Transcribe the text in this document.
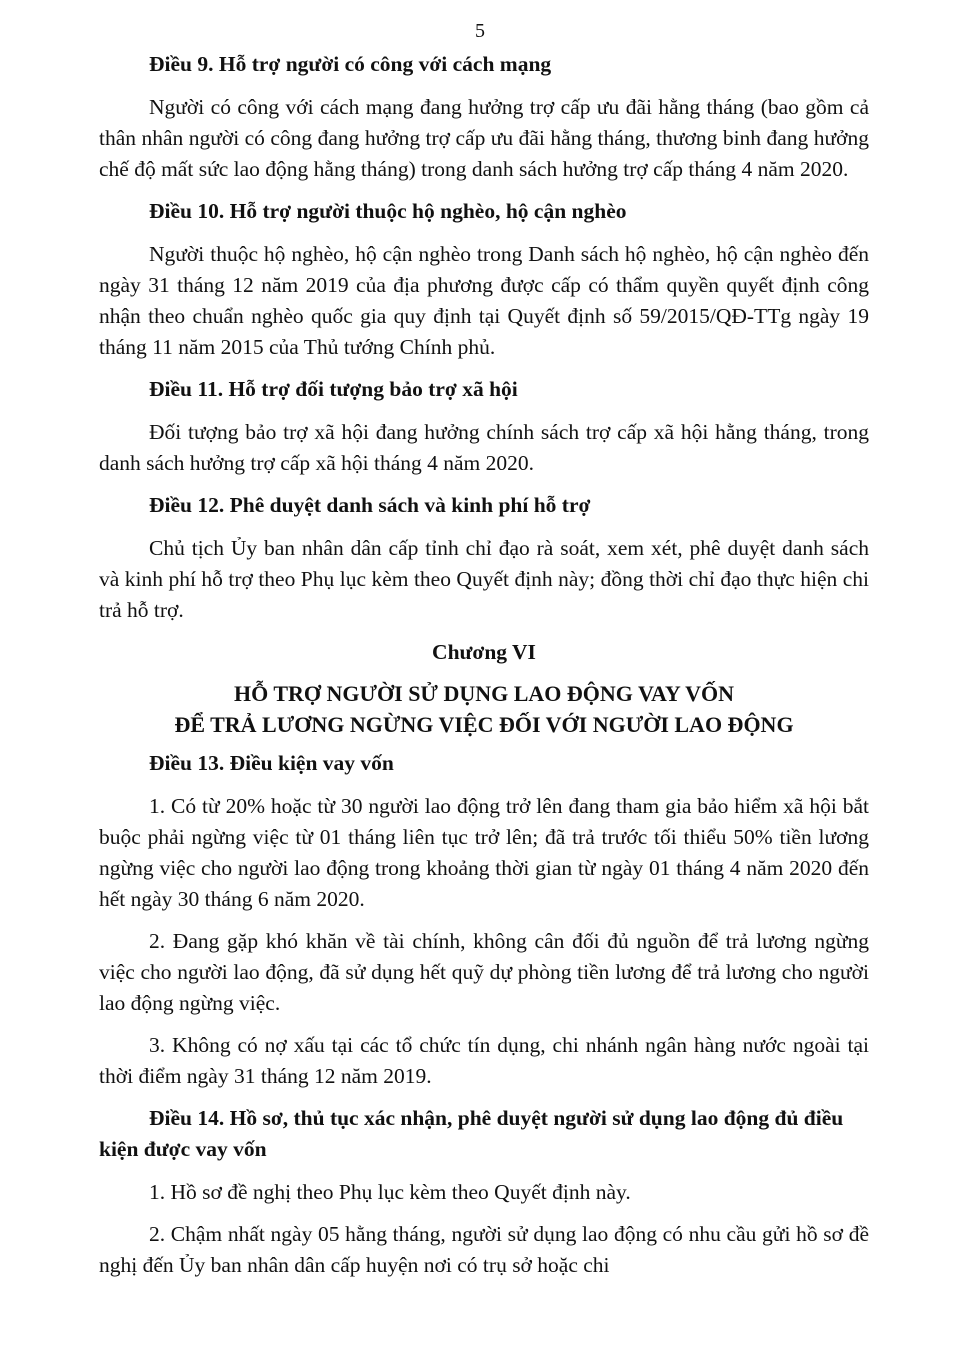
5

Điều 9. Hỗ trợ người có công với cách mạng

Người có công với cách mạng đang hưởng trợ cấp ưu đãi hằng tháng (bao gồm cả thân nhân người có công đang hưởng trợ cấp ưu đãi hằng tháng, thương binh đang hưởng chế độ mất sức lao động hằng tháng) trong danh sách hưởng trợ cấp tháng 4 năm 2020.

Điều 10. Hỗ trợ người thuộc hộ nghèo, hộ cận nghèo

Người thuộc hộ nghèo, hộ cận nghèo trong Danh sách hộ nghèo, hộ cận nghèo đến ngày 31 tháng 12 năm 2019 của địa phương được cấp có thẩm quyền quyết định công nhận theo chuẩn nghèo quốc gia quy định tại Quyết định số 59/2015/QĐ-TTg ngày 19 tháng 11 năm 2015 của Thủ tướng Chính phủ.

Điều 11. Hỗ trợ đối tượng bảo trợ xã hội

Đối tượng bảo trợ xã hội đang hưởng chính sách trợ cấp xã hội hằng tháng, trong danh sách hưởng trợ cấp xã hội tháng 4 năm 2020.

Điều 12. Phê duyệt danh sách và kinh phí hỗ trợ

Chủ tịch Ủy ban nhân dân cấp tỉnh chỉ đạo rà soát, xem xét, phê duyệt danh sách và kinh phí hỗ trợ theo Phụ lục kèm theo Quyết định này; đồng thời chỉ đạo thực hiện chi trả hỗ trợ.

Chương VI

HỖ TRỢ NGƯỜI SỬ DỤNG LAO ĐỘNG VAY VỐN
ĐỂ TRẢ LƯƠNG NGỪNG VIỆC ĐỐI VỚI NGƯỜI LAO ĐỘNG

Điều 13. Điều kiện vay vốn

1. Có từ 20% hoặc từ 30 người lao động trở lên đang tham gia bảo hiểm xã hội bắt buộc phải ngừng việc từ 01 tháng liên tục trở lên; đã trả trước tối thiểu 50% tiền lương ngừng việc cho người lao động trong khoảng thời gian từ ngày 01 tháng 4 năm 2020 đến hết ngày 30 tháng 6 năm 2020.

2. Đang gặp khó khăn về tài chính, không cân đối đủ nguồn để trả lương ngừng việc cho người lao động, đã sử dụng hết quỹ dự phòng tiền lương để trả lương cho người lao động ngừng việc.

3. Không có nợ xấu tại các tổ chức tín dụng, chi nhánh ngân hàng nước ngoài tại thời điểm ngày 31 tháng 12 năm 2019.

Điều 14. Hồ sơ, thủ tục xác nhận, phê duyệt người sử dụng lao động đủ điều kiện được vay vốn

1. Hồ sơ đề nghị theo Phụ lục kèm theo Quyết định này.

2. Chậm nhất ngày 05 hằng tháng, người sử dụng lao động có nhu cầu gửi hồ sơ đề nghị đến Ủy ban nhân dân cấp huyện nơi có trụ sở hoặc chi
